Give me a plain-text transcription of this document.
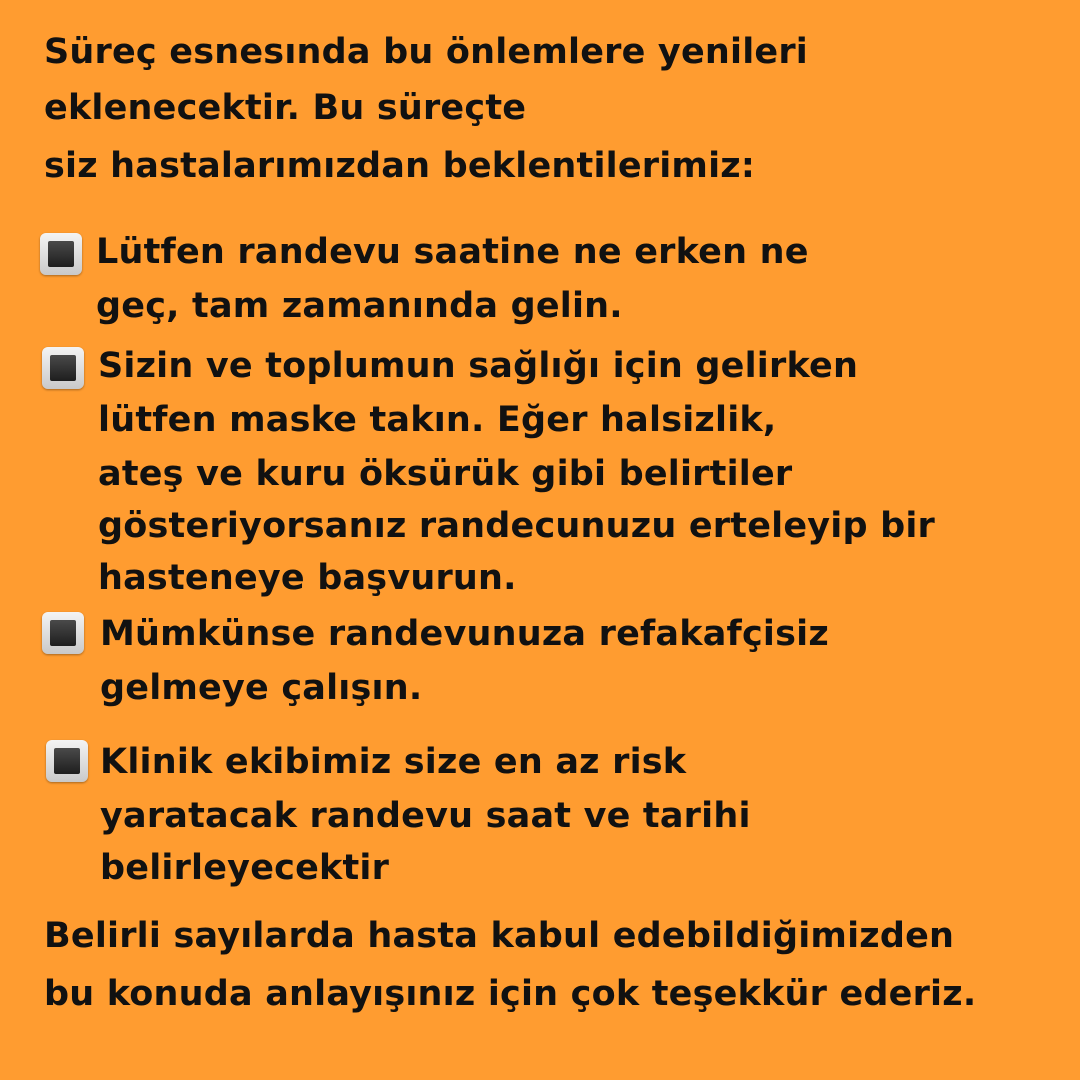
Süreç esnesında bu önlemlere yenileri
eklenecektir. Bu süreçte
siz hastalarımızdan beklentilerimiz:
Lütfen randevu saatine ne erken ne
geç, tam zamanında gelin.
Sizin ve toplumun sağlığı için gelirken
lütfen maske takın. Eğer halsizlik,
ateş ve kuru öksürük gibi belirtiler
gösteriyorsanız randecunuzu erteleyip bir
hasteneye başvurun.
Mümkünse randevunuza refakafçisiz
gelmeye çalışın.
Klinik ekibimiz size en az risk
yaratacak randevu saat ve tarihi
belirleyecektir
Belirli sayılarda hasta kabul edebildiğimizden
bu konuda anlayışınız için çok teşekkür ederiz.
